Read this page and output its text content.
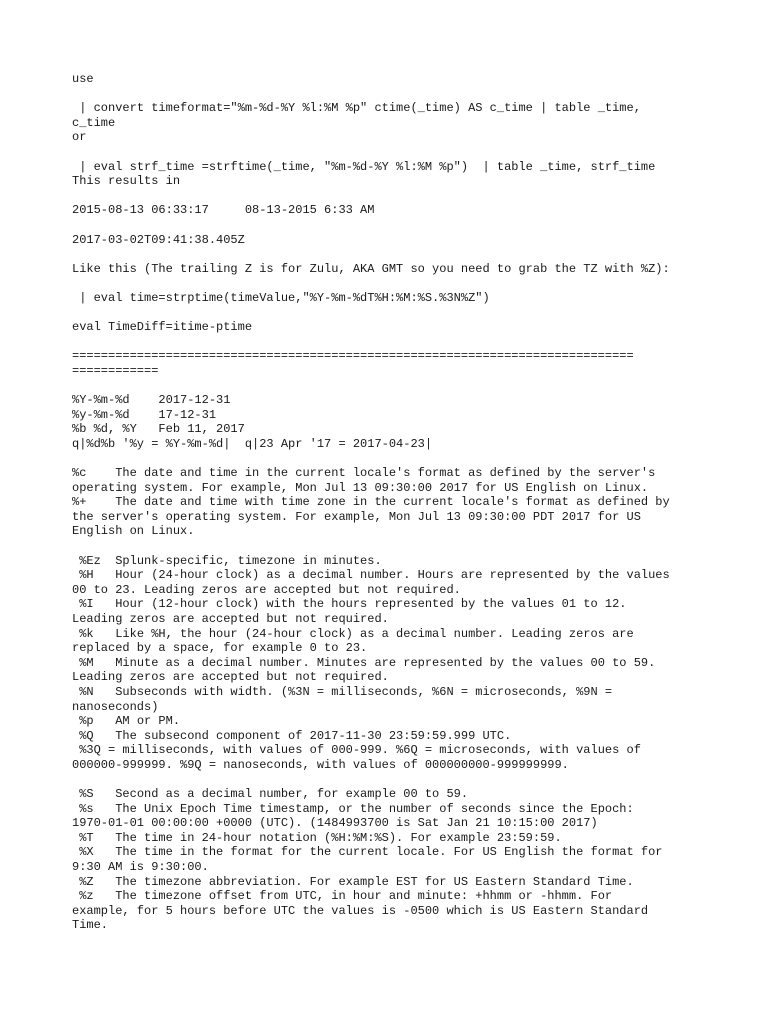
use
| convert timeformat="%m-%d-%Y %l:%M %p" ctime(_time) AS c_time | table _time,
c_time
or
| eval strf_time =strftime(_time, "%m-%d-%Y %l:%M %p")  | table _time, strf_time
This results in
2015-08-13 06:33:17     08-13-2015 6:33 AM
2017-03-02T09:41:38.405Z
Like this (The trailing Z is for Zulu, AKA GMT so you need to grab the TZ with %Z):
| eval time=strptime(timeValue,"%Y-%m-%dT%H:%M:%S.%3N%Z")
eval TimeDiff=itime-ptime
==============================================================================
============
%Y-%m-%d    2017-12-31
%y-%m-%d    17-12-31
%b %d, %Y   Feb 11, 2017
q|%d%b '%y = %Y-%m-%d|  q|23 Apr '17 = 2017-04-23|
%c    The date and time in the current locale's format as defined by the server's
operating system. For example, Mon Jul 13 09:30:00 2017 for US English on Linux.
%+    The date and time with time zone in the current locale's format as defined by
the server's operating system. For example, Mon Jul 13 09:30:00 PDT 2017 for US
English on Linux.
%Ez  Splunk-specific, timezone in minutes.
%H   Hour (24-hour clock) as a decimal number. Hours are represented by the values
00 to 23. Leading zeros are accepted but not required.
%I   Hour (12-hour clock) with the hours represented by the values 01 to 12.
Leading zeros are accepted but not required.
%k   Like %H, the hour (24-hour clock) as a decimal number. Leading zeros are
replaced by a space, for example 0 to 23.
%M   Minute as a decimal number. Minutes are represented by the values 00 to 59.
Leading zeros are accepted but not required.
%N   Subseconds with width. (%3N = milliseconds, %6N = microseconds, %9N =
nanoseconds)
%p   AM or PM.
%Q   The subsecond component of 2017-11-30 23:59:59.999 UTC.
%3Q = milliseconds, with values of 000-999. %6Q = microseconds, with values of
000000-999999. %9Q = nanoseconds, with values of 000000000-999999999.
%S   Second as a decimal number, for example 00 to 59.
%s   The Unix Epoch Time timestamp, or the number of seconds since the Epoch:
1970-01-01 00:00:00 +0000 (UTC). (1484993700 is Sat Jan 21 10:15:00 2017)
%T   The time in 24-hour notation (%H:%M:%S). For example 23:59:59.
%X   The time in the format for the current locale. For US English the format for
9:30 AM is 9:30:00.
%Z   The timezone abbreviation. For example EST for US Eastern Standard Time.
%z   The timezone offset from UTC, in hour and minute: +hhmm or -hhmm. For
example, for 5 hours before UTC the values is -0500 which is US Eastern Standard
Time.
